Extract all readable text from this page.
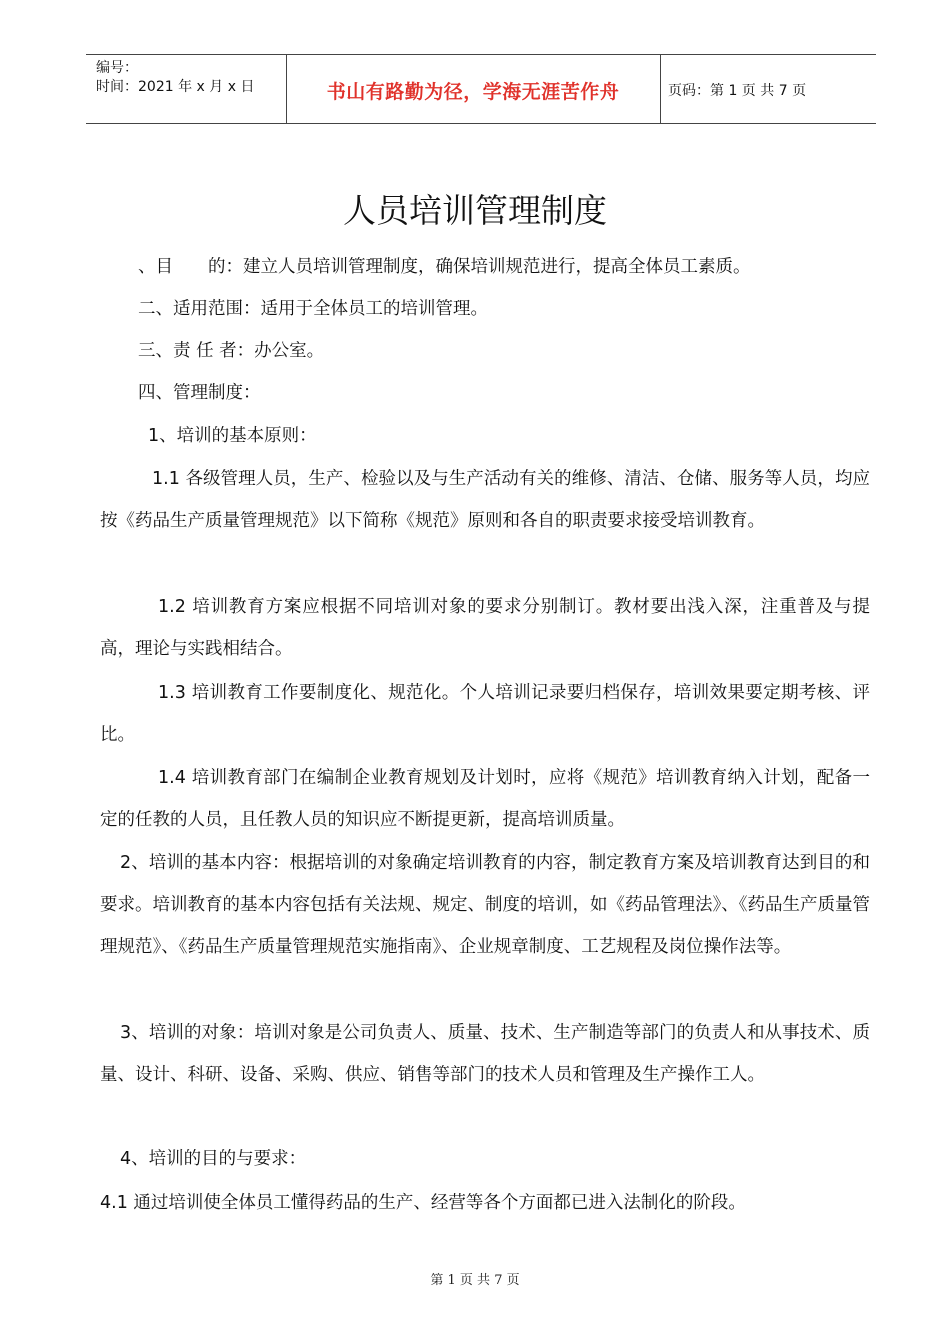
编号：
时间：2021 年 x 月 x 日	书山有路勤为径，学海无涯苦作舟	页码：第 1 页 共 7 页
人员培训管理制度

、目　　的：建立人员培训管理制度，确保培训规范进行，提高全体员工素质。

二、适用范围：适用于全体员工的培训管理。

三、责 任 者：办公室。

四、管理制度：

1、培训的基本原则：

1.1 各级管理人员，生产、检验以及与生产活动有关的维修、清洁、仓储、服务等人员，均应按《药品生产质量管理规范》以下简称《规范》原则和各自的职责要求接受培训教育。

1.2 培训教育方案应根据不同培训对象的要求分别制订。教材要出浅入深，注重普及与提高，理论与实践相结合。

1.3 培训教育工作要制度化、规范化。个人培训记录要归档保存，培训效果要定期考核、评比。

1.4 培训教育部门在编制企业教育规划及计划时，应将《规范》培训教育纳入计划，配备一定的任教的人员，且任教人员的知识应不断提更新，提高培训质量。

2、培训的基本内容：根据培训的对象确定培训教育的内容，制定教育方案及培训教育达到目的和要求。培训教育的基本内容包括有关法规、规定、制度的培训，如《药品管理法》、《药品生产质量管理规范》、《药品生产质量管理规范实施指南》、企业规章制度、工艺规程及岗位操作法等。

3、培训的对象：培训对象是公司负责人、质量、技术、生产制造等部门的负责人和从事技术、质量、设计、科研、设备、采购、供应、销售等部门的技术人员和管理及生产操作工人。

4、培训的目的与要求：

4.1 通过培训使全体员工懂得药品的生产、经营等各个方面都已进入法制化的阶段。

第 1 页 共 7 页
